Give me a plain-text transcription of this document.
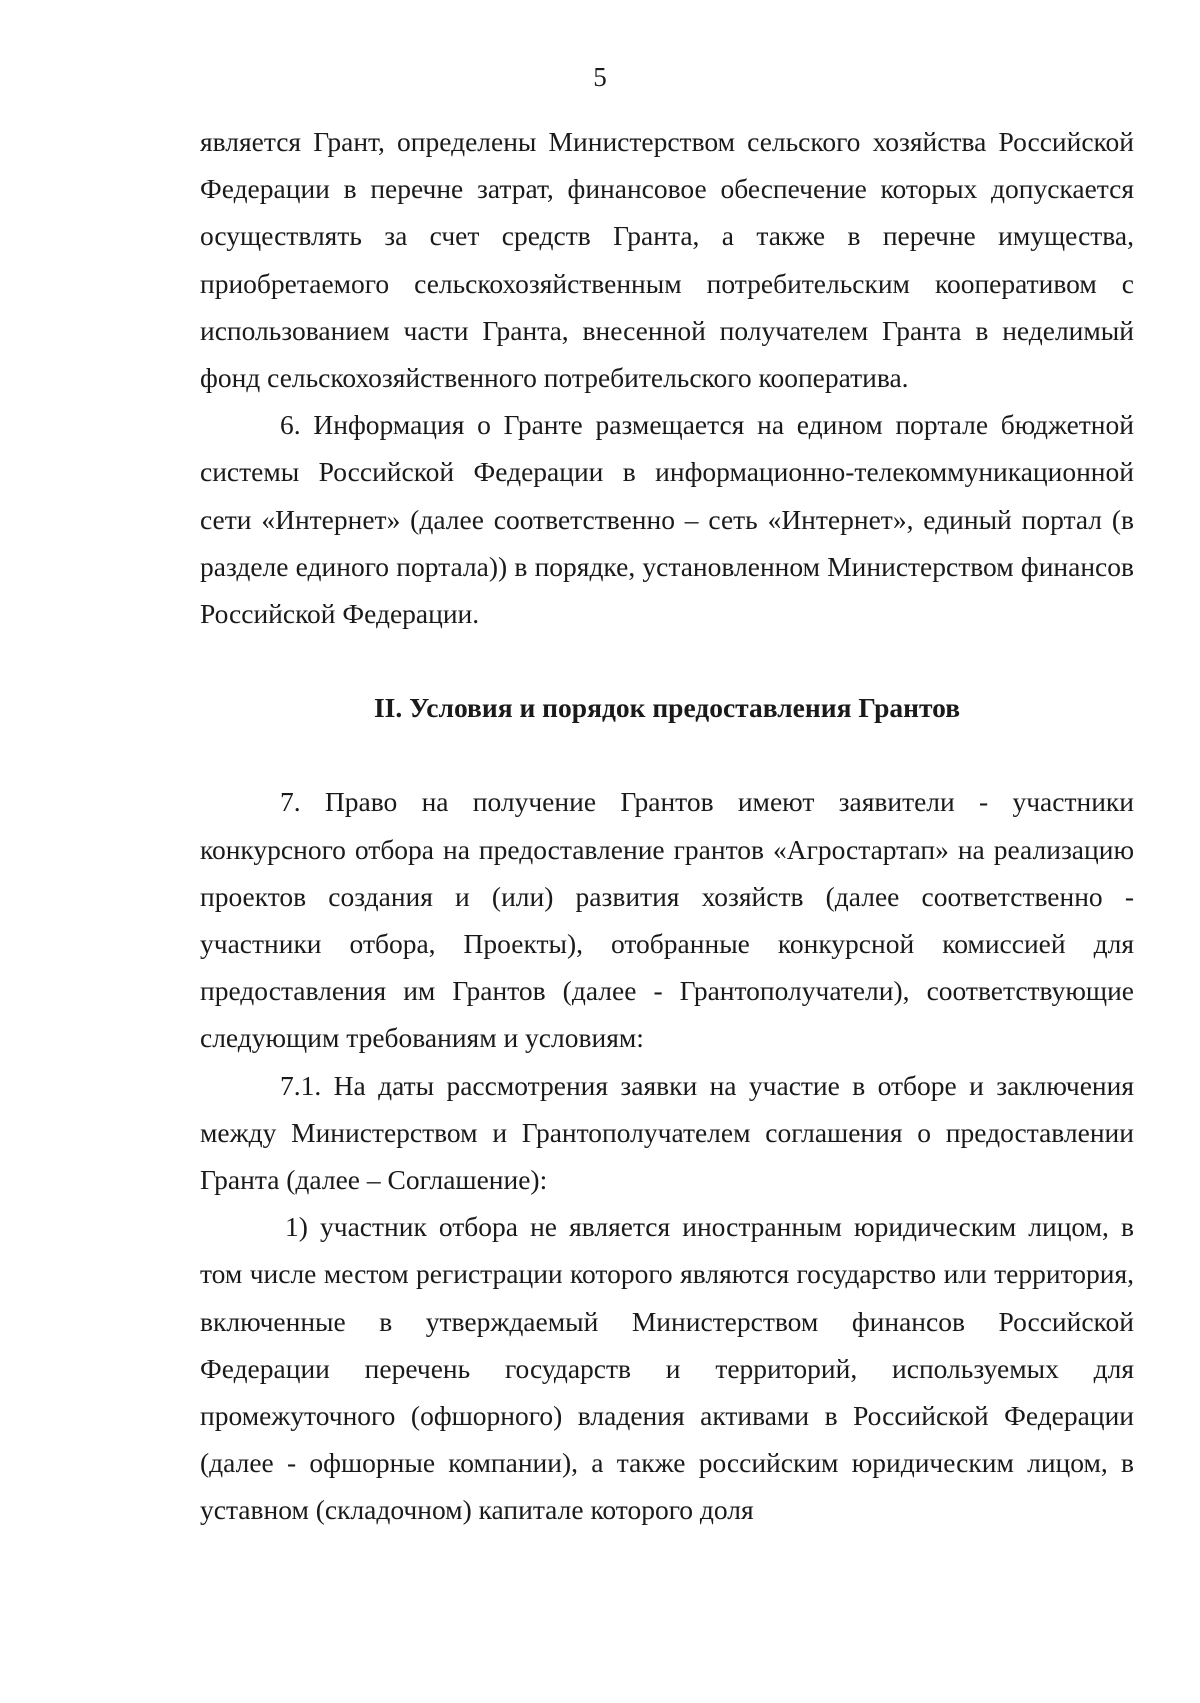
5

является Грант, определены Министерством сельского хозяйства Российской Федерации в перечне затрат, финансовое обеспечение которых допускается осуществлять за счет средств Гранта, а также в перечне имущества, приобретаемого сельскохозяйственным потребительским кооперативом с использованием части Гранта, внесенной получателем Гранта в неделимый фонд сельскохозяйственного потребительского кооператива.

6. Информация о Гранте размещается на едином портале бюджетной системы Российской Федерации в информационно-телекоммуникационной сети «Интернет» (далее соответственно – сеть «Интернет», единый портал (в разделе единого портала)) в порядке, установленном Министерством финансов Российской Федерации.

II. Условия и порядок предоставления Грантов

7. Право на получение Грантов имеют заявители - участники конкурсного отбора на предоставление грантов «Агростартап» на реализацию проектов создания и (или) развития хозяйств (далее соответственно - участники отбора, Проекты), отобранные конкурсной комиссией для предоставления им Грантов (далее - Грантополучатели), соответствующие следующим требованиям и условиям:

7.1. На даты рассмотрения заявки на участие в отборе и заключения между Министерством и Грантополучателем соглашения о предоставлении Гранта (далее – Соглашение):

1) участник отбора не является иностранным юридическим лицом, в том числе местом регистрации которого являются государство или территория, включенные в утверждаемый Министерством финансов Российской Федерации перечень государств и территорий, используемых для промежуточного (офшорного) владения активами в Российской Федерации (далее - офшорные компании), а также российским юридическим лицом, в уставном (складочном) капитале которого доля
